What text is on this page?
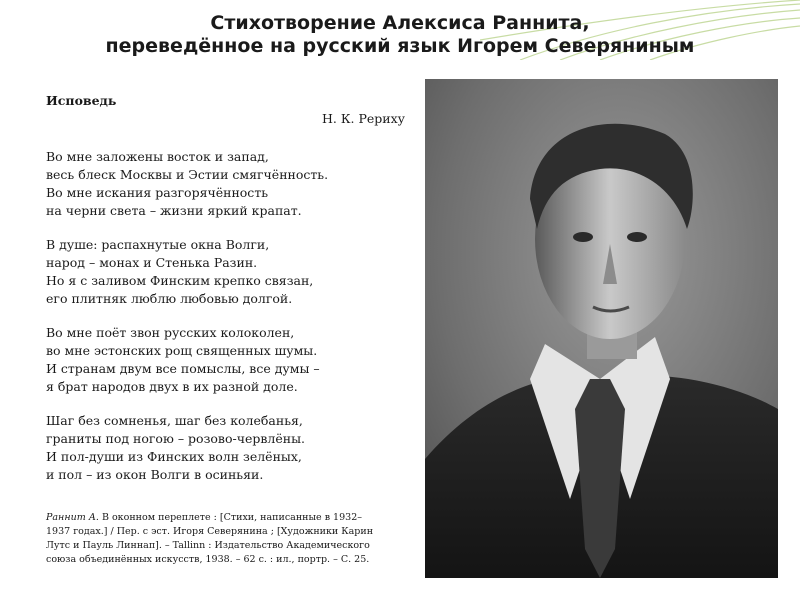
Стихотворение Алексиса Раннита,
переведённое на русский язык Игорем Северяниным
Исповедь
Н. К. Рериху
Во мне заложены восток и запад,
весь блеск Москвы и Эстии смягчённость.
Во мне искания разгорячённость
на черни света – жизни яркий крапат.
В душе: распахнутые окна Волги,
народ – монах и Стенька Разин.
Но я с заливом Финским крепко связан,
его плитняк люблю любовью долгой.
Во мне поёт звон русских колоколен,
во мне эстонских рощ священных шумы.
И странам двум все помыслы, все думы –
я брат народов двух в их разной доле.
Шаг без сомненья, шаг без колебанья,
граниты под ногою – розово-червлёны.
И пол-души из Финских волн зелёных,
и пол – из окон Волги в осиньяи.
Раннит А. В оконном переплете : [Стихи, написанные в 1932–1937 годах.] / Пер. с эст. Игоря Северянина ; [Художники Карин Лутс и Пауль Линнап]. – Tallinn : Издательство Академического союза объединённых искусств, 1938. – 62 с. : ил., портр. – С. 25.
